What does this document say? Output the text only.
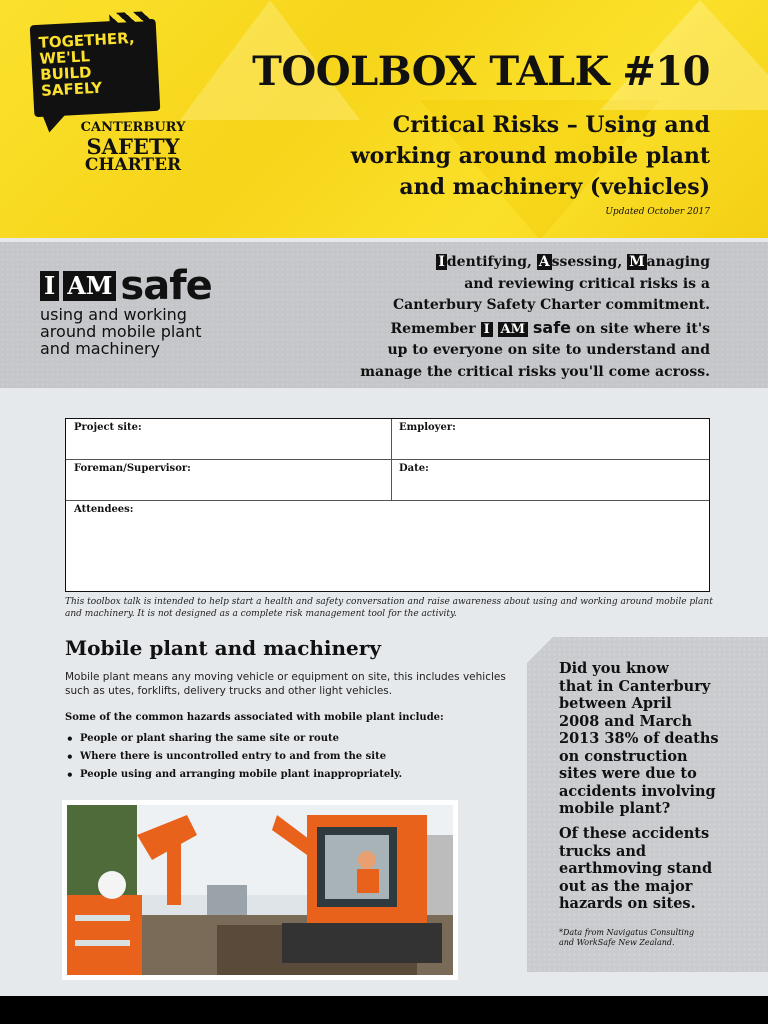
TOGETHER,
WE'LL
BUILD
SAFELY
CANTERBURY
SAFETY
CHARTER
TOOLBOX TALK #10
Critical Risks – Using and
working around mobile plant
and machinery (vehicles)
Updated October 2017
I AM safe
using and working
around mobile plant
and machinery
I dentifying, A ssessing, M anaging
and reviewing critical risks is a
Canterbury Safety Charter commitment.
Remember I AM safe on site where it's
up to everyone on site to understand and
manage the critical risks you'll come across.
Project site:	Employer:
Foreman/Supervisor:	Date:
Attendees:
This toolbox talk is intended to help start a health and safety conversation and raise awareness about using and working around mobile plant and machinery. It is not designed as a complete risk management tool for the activity.
Mobile plant and machinery
Mobile plant means any moving vehicle or equipment on site, this includes vehicles such as utes, forklifts, delivery trucks and other light vehicles.
Some of the common hazards associated with mobile plant include:
• People or plant sharing the same site or route
• Where there is uncontrolled entry to and from the site
• People using and arranging mobile plant inappropriately.
Did you know
that in Canterbury
between April
2008 and March
2013 38% of deaths
on construction
sites were due to
accidents involving
mobile plant?
Of these accidents
trucks and
earthmoving stand
out as the major
hazards on sites.
*Data from Navigatus Consulting
and WorkSafe New Zealand.
